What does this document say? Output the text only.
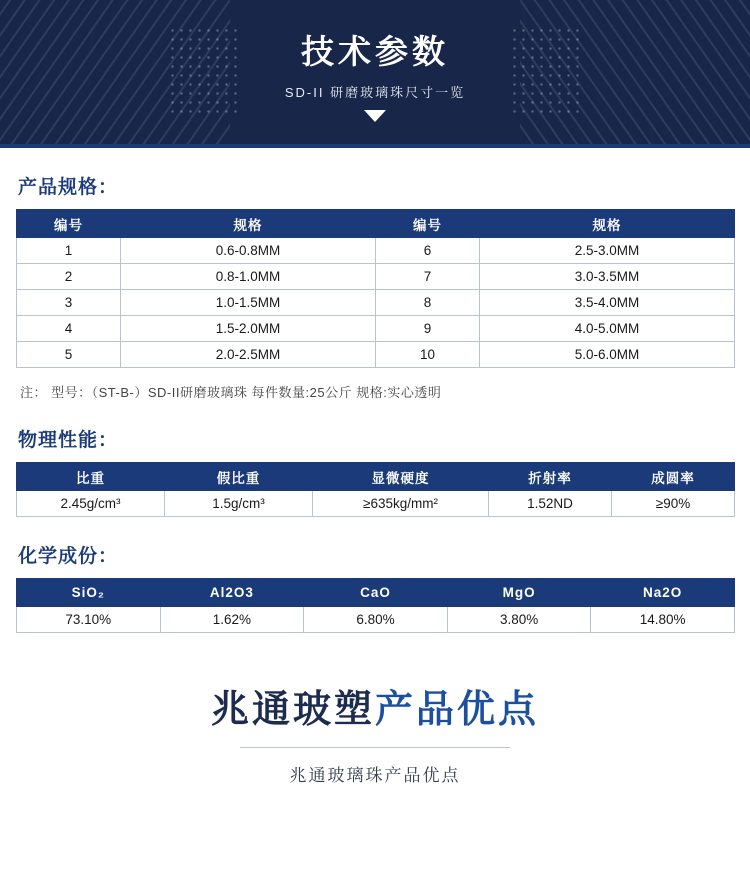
技术参数
SD-II 研磨玻璃珠尺寸一览
产品规格：
编号	规格	编号	规格
1	0.6-0.8MM	6	2.5-3.0MM
2	0.8-1.0MM	7	3.0-3.5MM
3	1.0-1.5MM	8	3.5-4.0MM
4	1.5-2.0MM	9	4.0-5.0MM
5	2.0-2.5MM	10	5.0-6.0MM
注： 型号：（ST-B-）SD-II研磨玻璃珠 每件数量:25公斤 规格:实心透明
物理性能：
比重	假比重	显微硬度	折射率	成圆率
2.45g/cm³	1.5g/cm³	≥635kg/mm²	1.52ND	≥90%
化学成份：
SiO₂	Al2O3	CaO	MgO	Na2O
73.10%	1.62%	6.80%	3.80%	14.80%
兆通玻塑产品优点
兆通玻璃珠产品优点
